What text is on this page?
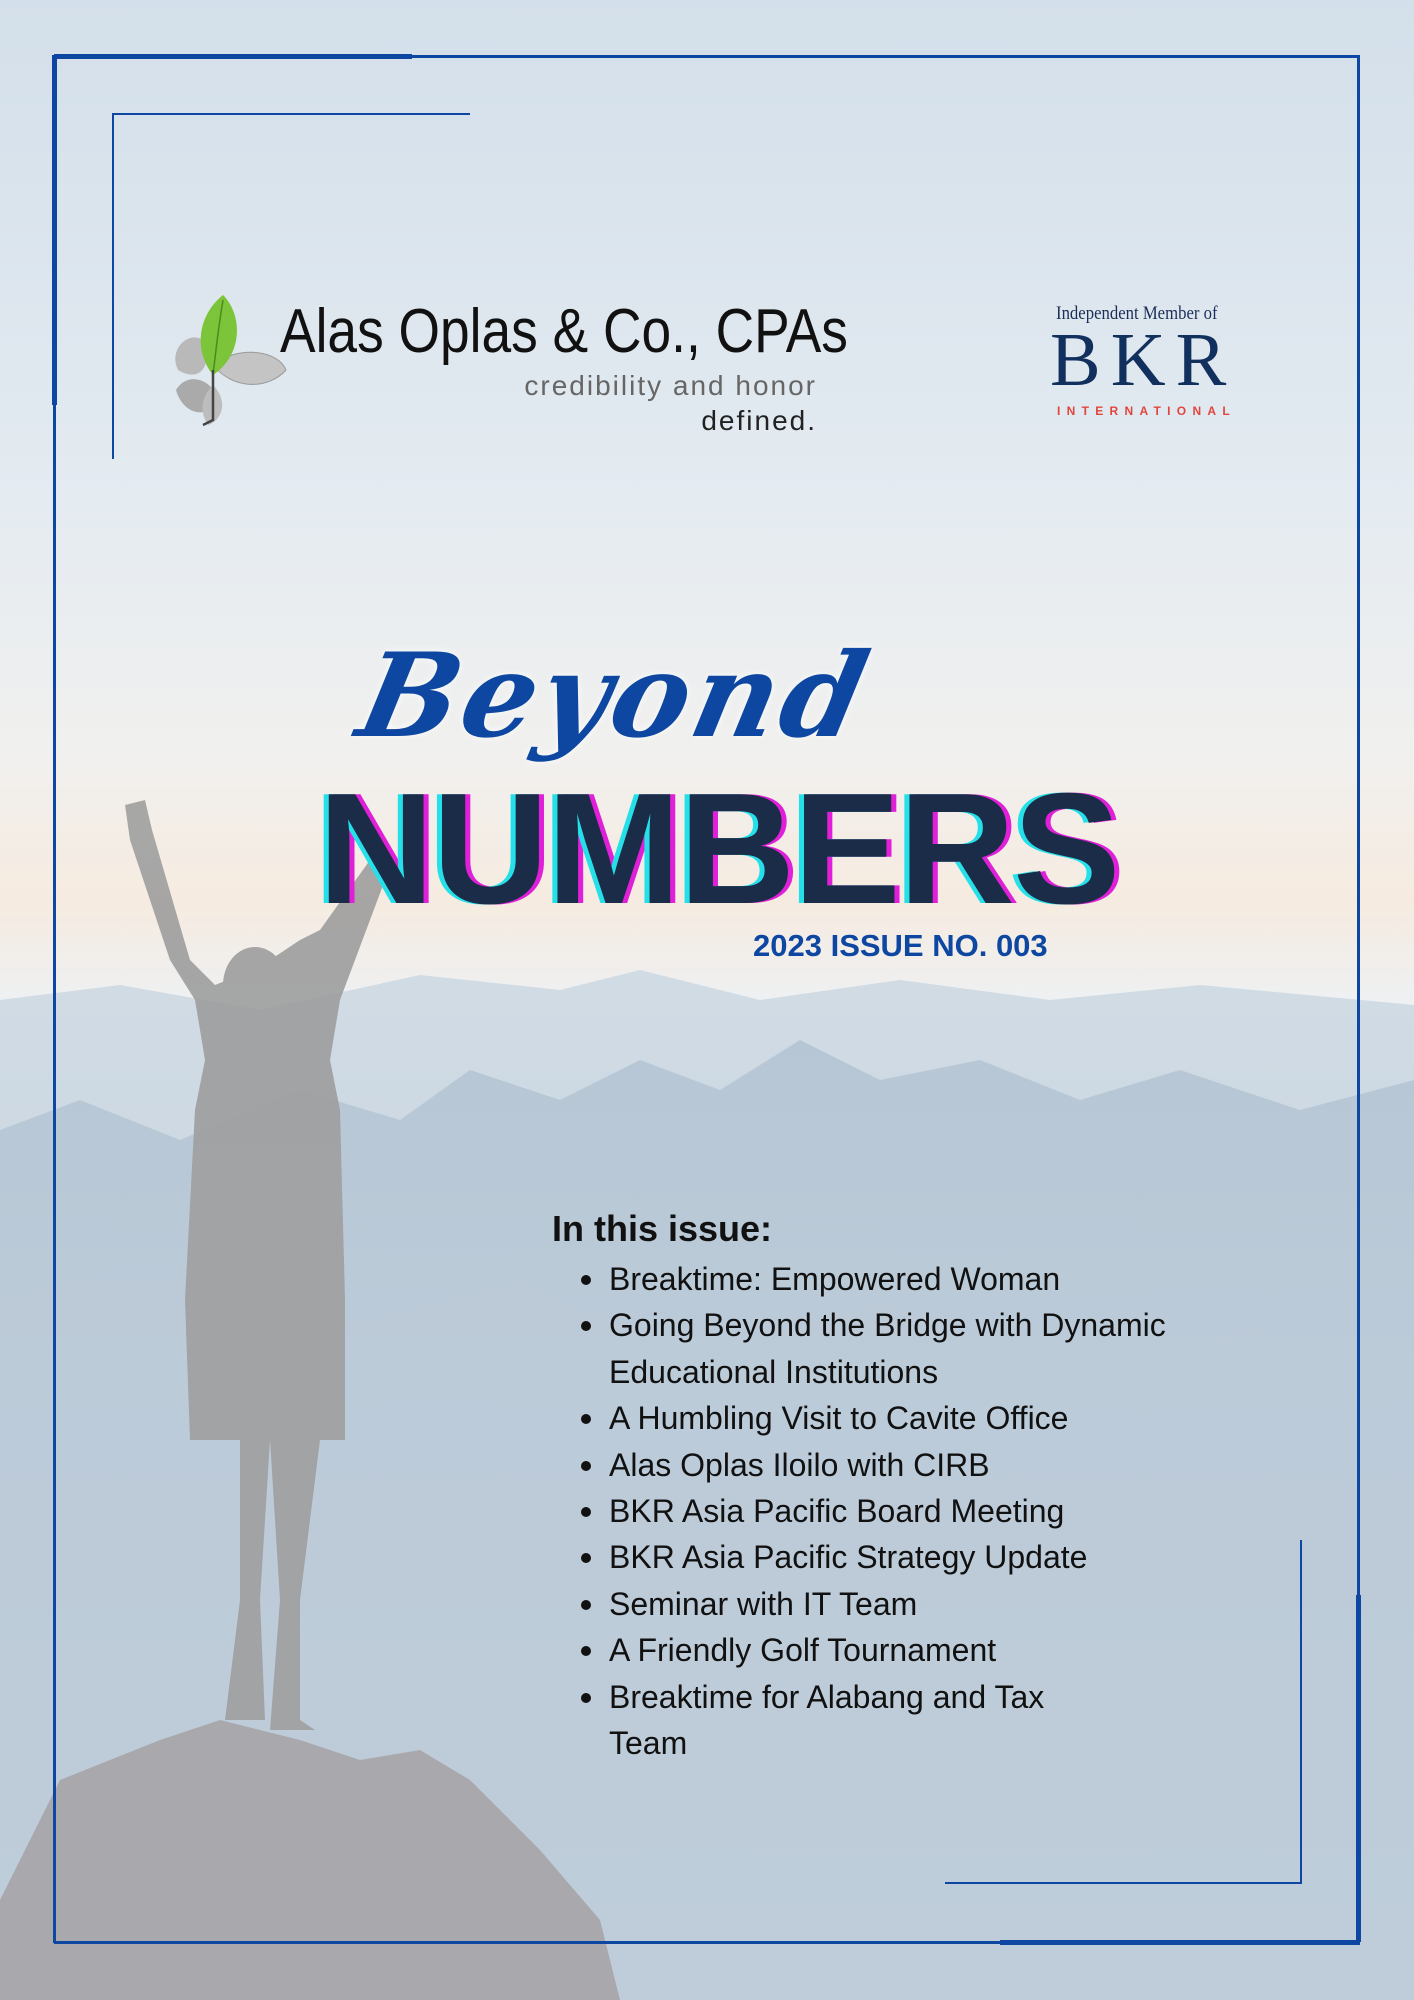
Alas Oplas & Co., CPAs
credibility and honor
defined.
Independent Member of
BKR
INTERNATIONAL
Beyond
NUMBERS
2023 ISSUE NO. 003
In this issue:
Breaktime: Empowered Woman
Going Beyond the Bridge with Dynamic Educational Institutions
A Humbling Visit to Cavite Office
Alas Oplas Iloilo with CIRB
BKR Asia Pacific Board Meeting
BKR Asia Pacific Strategy Update
Seminar with IT Team
A Friendly Golf Tournament
Breaktime for Alabang and Tax Team
